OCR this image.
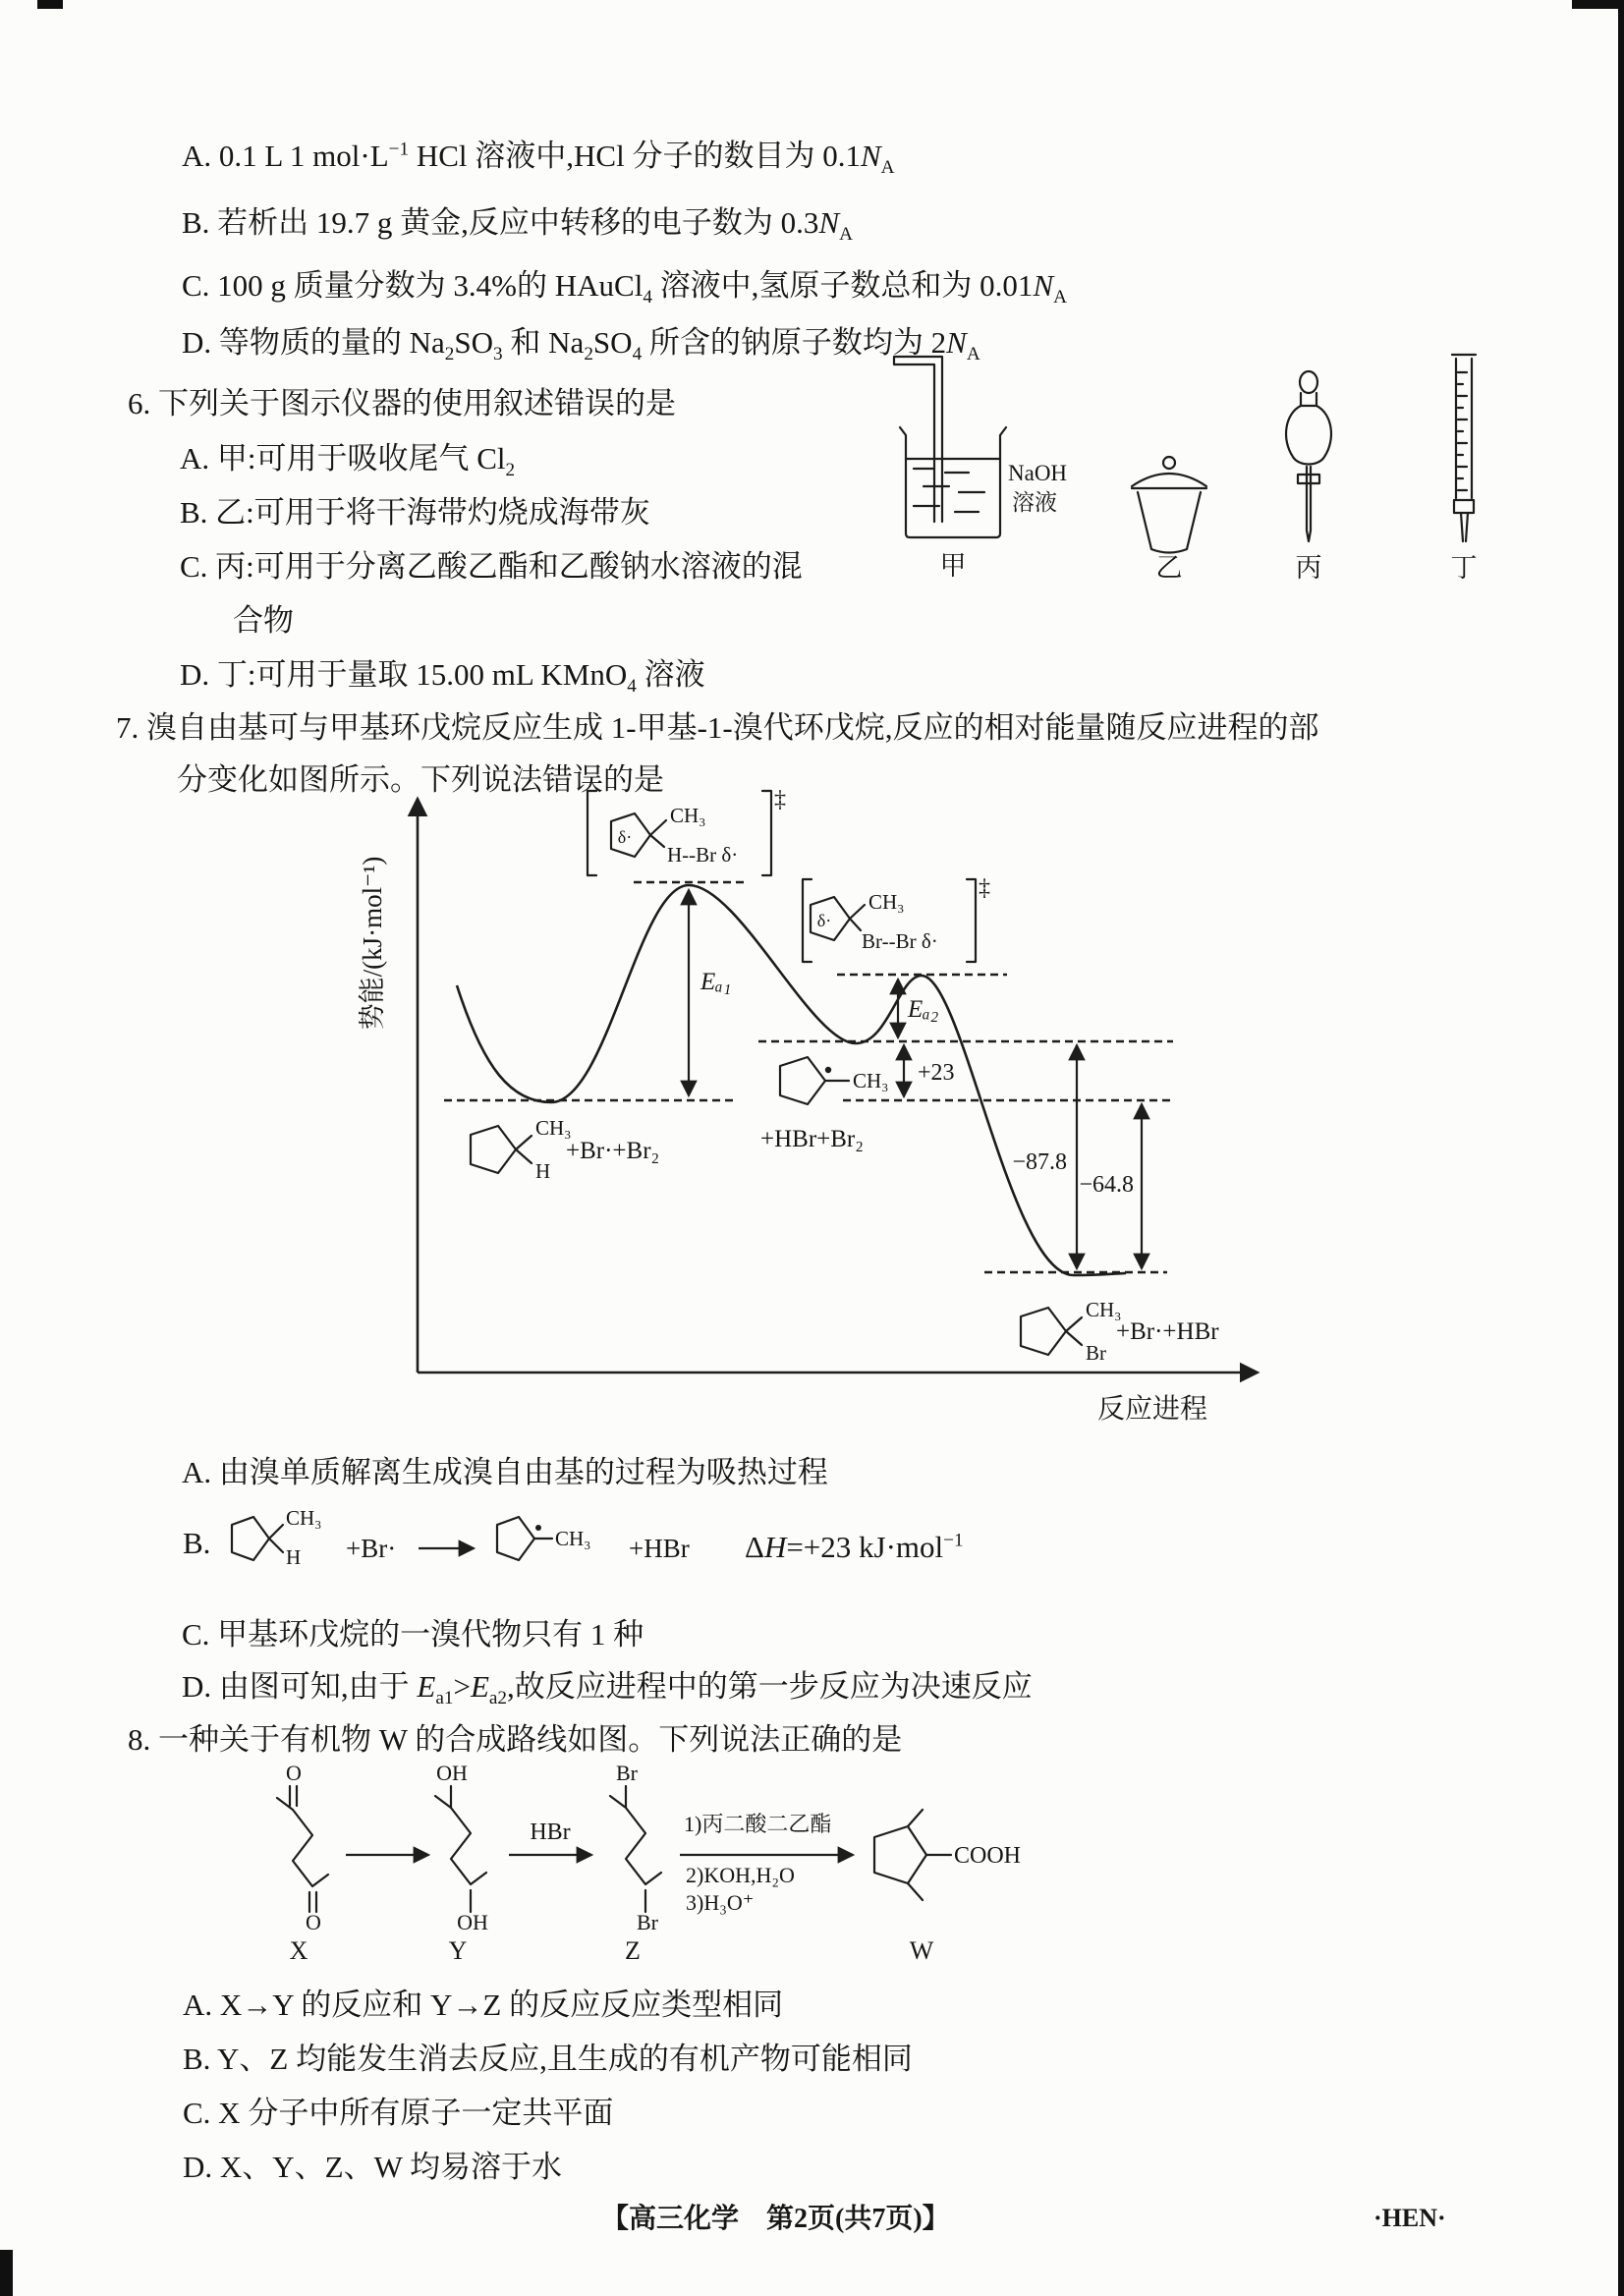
A. 0.1 L 1 $mol\cdot L^{-1}$ HCl 溶液中,HCl 分子的数目为 $0.1N_A$
B. 若析出 19.7 g 黄金,反应中转移的电子数为 $0.3N_A$
C. 100 g 质量分数为 3.4%的 HAuCl$_4$ 溶液中,氢原子数总和为 $0.01N_A$
D. 等物质的量的 $Na_2SO_3$ 和 $Na_2SO_4$ 所含的钠原子数均为 $2N_A$
6. 下列关于图示仪器的使用叙述错误的是
A. 甲:可用于吸收尾气 $Cl_2$
B. 乙:可用于将干海带灼烧成海带灰
C. 丙:可用于分离乙酸乙酯和乙酸钠水溶液的混
合物
D. 丁:可用于量取 15.00 mL KMnO$_4$ 溶液
NaOH
溶液
甲	乙	丙	丁
7. 溴自由基可与甲基环戊烷反应生成 1-甲基-1-溴代环戊烷,反应的相对能量随反应进程的部
分变化如图所示。下列说法错误的是
势能/(kJ·mol⁻¹)
反应进程
Eₐ₁
Eₐ₂
+23
−87.8
−64.8
‡
δ·
CH₃
H--Br δ·
‡
δ·
CH₃
Br--Br δ·
CH₃
H
+Br·+Br₂
CH₃
+HBr+Br₂
CH₃
Br
+Br·+HBr
A. 由溴单质解离生成溴自由基的过程为吸热过程
B.
CH₃
H +Br·	CH₃ +HBr ΔH=+23 kJ·mol$^{-1}$
C. 甲基环戊烷的一溴代物只有 1 种
D. 由图可知,由于 $E_{a1}>E_{a2}$,故反应进程中的第一步反应为决速反应
8. 一种关于有机物 W 的合成路线如图。下列说法正确的是
O
O
X
OH
OH
Y
HBr
Br
Br
Z
1)丙二酸二乙酯
2)KOH,H₂O
3)H₃O⁺
COOH
W
A. X→Y 的反应和 Y→Z 的反应反应类型相同
B. Y、Z 均能发生消去反应,且生成的有机产物可能相同
C. X 分子中所有原子一定共平面
D. X、Y、Z、W 均易溶于水
【高三化学　第2页(共7页)】	·HEN·
